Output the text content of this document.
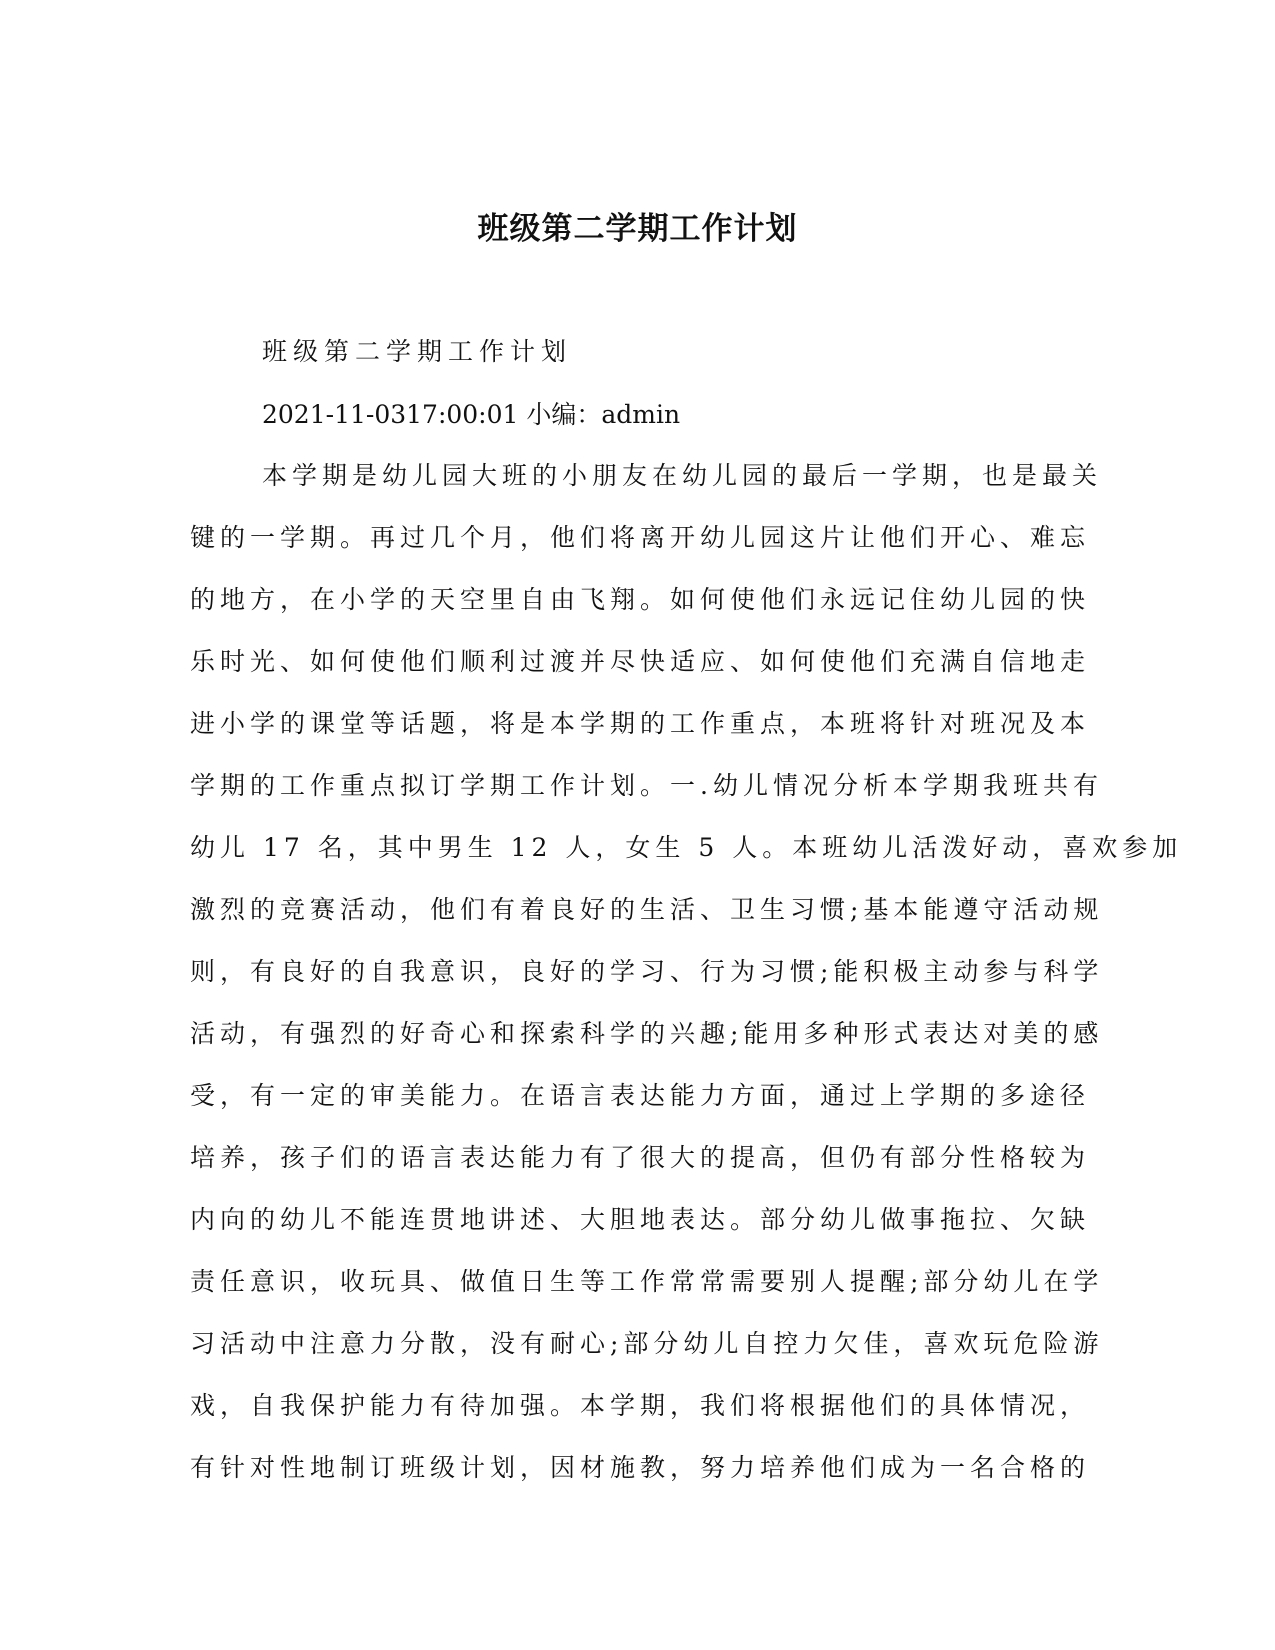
班级第二学期工作计划
班级第二学期工作计划
2021-11-0317:00:01 小编：admin
本学期是幼儿园大班的小朋友在幼儿园的最后一学期，也是最关
键的一学期。再过几个月，他们将离开幼儿园这片让他们开心、难忘
的地方，在小学的天空里自由飞翔。如何使他们永远记住幼儿园的快
乐时光、如何使他们顺利过渡并尽快适应、如何使他们充满自信地走
进小学的课堂等话题，将是本学期的工作重点，本班将针对班况及本
学期的工作重点拟订学期工作计划。一.幼儿情况分析本学期我班共有
幼儿 17 名，其中男生 12 人，女生 5 人。本班幼儿活泼好动，喜欢参加
激烈的竞赛活动，他们有着良好的生活、卫生习惯;基本能遵守活动规
则，有良好的自我意识，良好的学习、行为习惯;能积极主动参与科学
活动，有强烈的好奇心和探索科学的兴趣;能用多种形式表达对美的感
受，有一定的审美能力。在语言表达能力方面，通过上学期的多途径
培养，孩子们的语言表达能力有了很大的提高，但仍有部分性格较为
内向的幼儿不能连贯地讲述、大胆地表达。部分幼儿做事拖拉、欠缺
责任意识，收玩具、做值日生等工作常常需要别人提醒;部分幼儿在学
习活动中注意力分散，没有耐心;部分幼儿自控力欠佳，喜欢玩危险游
戏，自我保护能力有待加强。本学期，我们将根据他们的具体情况，
有针对性地制订班级计划，因材施教，努力培养他们成为一名合格的
